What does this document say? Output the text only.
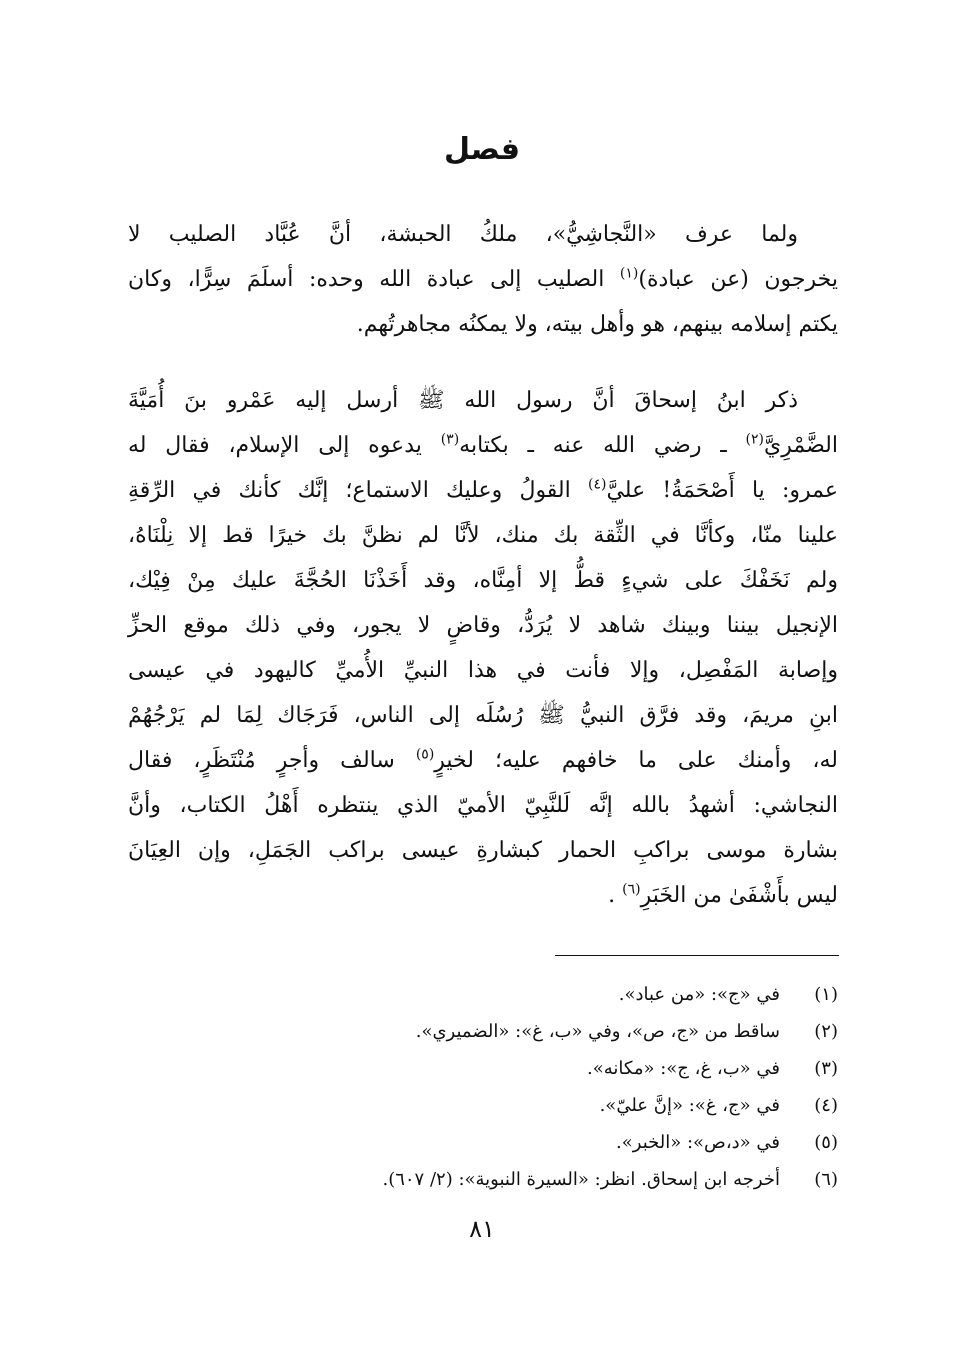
فصل
ولما عرف «النَّجاشِيُّ»، ملكُ الحبشة، أنَّ عُبَّاد الصليب لا
يخرجون (عن عبادة)$^{(١)}$ الصليب إلى عبادة الله وحده: أسلَمَ سِرًّا، وكان
يكتم إسلامه بينهم، هو وأهل بيته، ولا يمكنُه مجاهرتُهم.
ذكر ابنُ إسحاقَ أنَّ رسول الله ﷺ أرسل إليه عَمْرو بنَ أُمَيَّةَ
الضَّمْرِيَّ$^{(٢)}$ ـ رضي الله عنه ـ بكتابه$^{(٣)}$ يدعوه إلى الإسلام، فقال له
عمرو: يا أَصْحَمَةُ! عليَّ$^{(٤)}$ القولُ وعليك الاستماع؛ إنَّك كأنك في الرِّقةِ
علينا منّا، وكأنَّا في الثِّقة بك منك، لأنَّا لم نظنَّ بك خيرًا قط إلا نِلْنَاهُ،
ولم نَخَفْكَ على شيءٍ قطُّ إلا أمِنَّاه، وقد أَخَذْنَا الحُجَّةَ عليك مِنْ فِيْك،
الإنجيل بيننا وبينك شاهد لا يُرَدُّ، وقاضٍ لا يجور، وفي ذلك موقع الحزِّ
وإصابة المَفْصِل، وإلا فأنت في هذا النبيِّ الأُميِّ كاليهود في عيسى
ابنِ مريمَ، وقد فرَّق النبيُّ ﷺ رُسُلَه إلى الناس، فَرَجَاك لِمَا لم يَرْجُهُمْ
له، وأمنك على ما خافهم عليه؛ لخيرٍ$^{(٥)}$ سالف وأجرٍ مُنْتَظَرٍ، فقال
النجاشي: أشهدُ بالله إنَّه لَلنَّبِيّ الأميّ الذي ينتظره أَهْلُ الكتاب، وأنَّ
بشارة موسى براكبِ الحمار كبشارةِ عيسى براكب الجَمَلِ، وإن العِيَانَ
ليس بأَشْفَىٰ من الخَبَرِ$^{(٦)}$ .
(١)
في «ج»: «من عباد».
(٢)
ساقط من «ج، ص»، وفي «ب، غ»: «الضميري».
(٣)
في «ب، غ، ج»: «مكانه».
(٤)
في «ج، غ»: «إنَّ عليّ».
(٥)
في «د،ص»: «الخبر».
(٦)
أخرجه ابن إسحاق. انظر: «السيرة النبوية»: (٢/ ٦٠٧).
٨١
